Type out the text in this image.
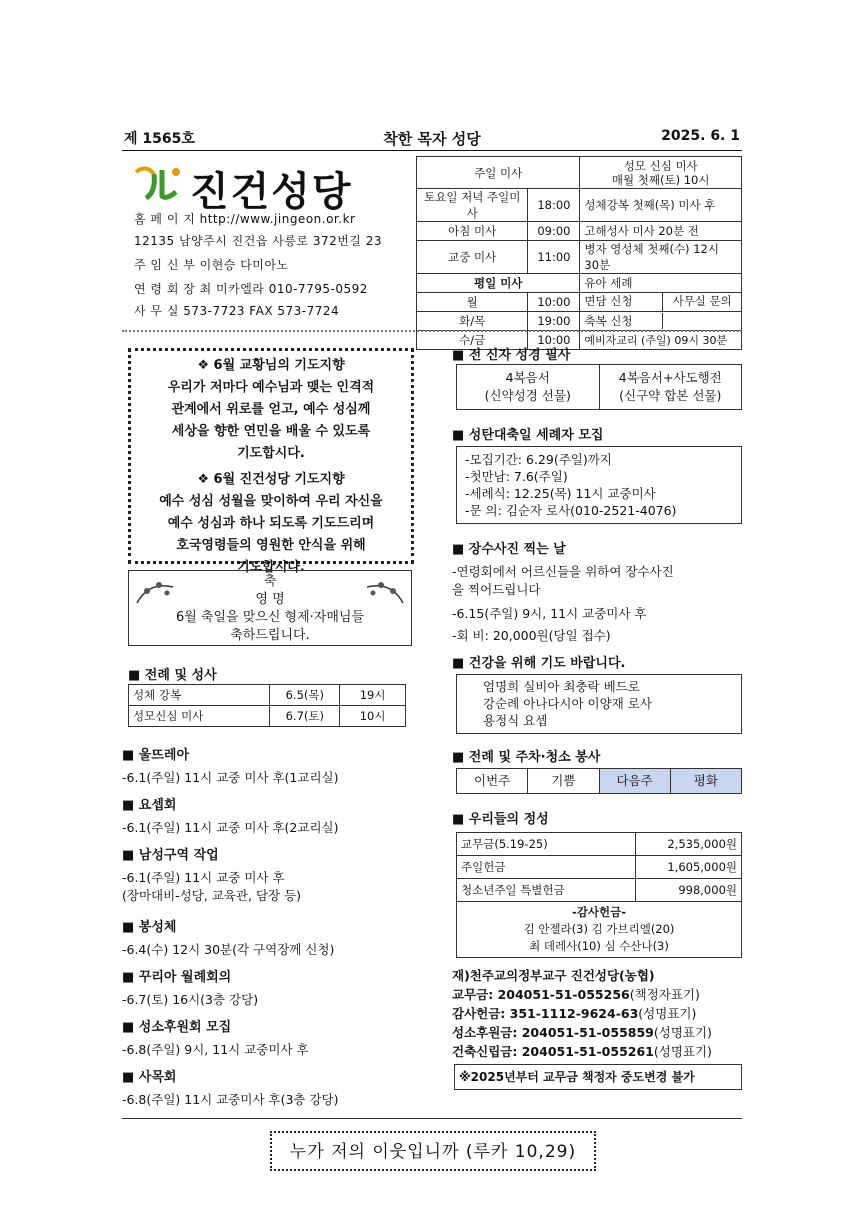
제 1565호	착한 목자 성당	2025. 6. 1
진건성당
홈 페 이 지 http://www.jingeon.or.kr
12135 남양주시 진건읍 사릉로 372번길 23
주 임 신 부 이현승 다미아노
연 령 회 장 최 미카엘라 010-7795-0592
사 무 실 573-7723 FAX 573-7724
주일 미사		성모 신심 미사
매월 첫째(토) 10시

토요일 저녁 주일미사	18:00	성체강복 첫째(목) 미사 후
아침 미사	09:00	고해성사 미사 20분 전
교중 미사	11:00	병자 영성체 첫째(수) 12시 30분
평일 미사		유아 세례
월	10:00	면담 신청 사무실 문의

화/목	19:00	축복 신청

수/금	10:00	예비자교리 (주일) 09시 30분
❖ 6월 교황님의 기도지향
우리가 저마다 예수님과 맺는 인격적
관계에서 위로를 얻고, 예수 성심께
세상을 향한 연민을 배울 수 있도록
기도합시다.
❖ 6월 진건성당 기도지향
예수 성심 성월을 맞이하여 우리 자신을
예수 성심과 하나 되도록 기도드리며
호국영령들의 영원한 안식을 위해
기도합시다.
축
영 명
6월 축일을 맞으신 형제·자매님들
축하드립니다.
■ 전례 및 성사
성체 강복	6.5(목)	19시
성모신심 미사	6.7(토)	10시
■ 울뜨레아
-6.1(주일) 11시 교중 미사 후(1교리실)
■ 요셉회
-6.1(주일) 11시 교중 미사 후(2교리실)
■ 남성구역 작업
-6.1(주일) 11시 교중 미사 후
(장마대비-성당, 교육관, 담장 등)
■ 봉성체
-6.4(수) 12시 30분(각 구역장께 신청)
■ 꾸리아 월례회의
-6.7(토) 16시(3층 강당)
■ 성소후원회 모집
-6.8(주일) 9시, 11시 교중미사 후
■ 사목회
-6.8(주일) 11시 교중미사 후(3층 강당)
■ 전 신자 성경 필사
4복음서
(신약성경 선물)
4복음서+사도행전
(신구약 합본 선물)
■ 성탄대축일 세례자 모집
-모집기간: 6.29(주일)까지
-첫만남: 7.6(주일)
-세례식: 12.25(목) 11시 교중미사
-문 의: 김순자 로사(010-2521-4076)
■ 장수사진 찍는 날
-연령회에서 어르신들을 위하여 장수사진
을 찍어드립니다
-6.15(주일) 9시, 11시 교중미사 후
-회 비: 20,000원(당일 접수)
■ 건강을 위해 기도 바랍니다.
엄명희 실비아 최충락 베드로
강순례 아나다시아 이양재 로사
용정식 요셉
■ 전례 및 주차·청소 봉사
이번주	기쁨	다음주	평화
■ 우리들의 정성
교무금(5.19-25)	2,535,000원
주일헌금	1,605,000원
청소년주일 특별헌금	998,000원

-감사헌금-
김 안젤라(3) 김 가브리엘(20)
최 데레사(10) 심 수산나(3)	
재)천주교의정부교구 진건성당(농협)
교무금: 204051-51-055256(책정자표기)
감사헌금: 351-1112-9624-63(성명표기)
성소후원금: 204051-51-055859(성명표기)
건축신립금: 204051-51-055261(성명표기)
※2025년부터 교무금 책정자 중도변경 불가
누가 저의 이웃입니까 (루카 10,29)
